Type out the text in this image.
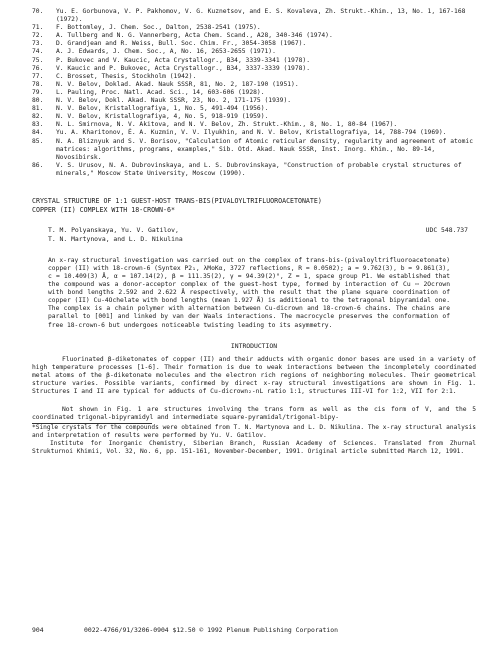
70.	Yu. E. Gorbunova, V. P. Pakhomov, V. G. Kuznetsov, and E. S. Kovaleva, Zh. Strukt.-Khim., 13, No. 1, 167-168 (1972).
71.	F. Bottomley, J. Chem. Soc., Dalton, 2538-2541 (1975).
72.	A. Tullberg and N. G. Vannerberg, Acta Chem. Scand., A28, 340-346 (1974).
73.	D. Grandjean and R. Weiss, Bull. Soc. Chim. Fr., 3054-3058 (1967).
74.	A. J. Edwards, J. Chem. Soc., A, No. 16, 2653-2655 (1971).
75.	P. Bukovec and V. Kaucic, Acta Crystallogr., B34, 3339-3341 (1978).
76.	V. Kaucic and P. Bukovec, Acta Crystallogr., B34, 3337-3339 (1978).
77.	C. Brosset, Thesis, Stockholm (1942).
78.	N. V. Belov, Doklad. Akad. Nauk SSSR, 81, No. 2, 187-190 (1951).
79.	L. Pauling, Proc. Natl. Acad. Sci., 14, 603-606 (1928).
80.	N. V. Belov, Dokl. Akad. Nauk SSSR, 23, No. 2, 171-175 (1939).
81.	N. V. Belov, Kristallografiya, 1, No. 5, 491-494 (1956).
82.	N. V. Belov, Kristallografiya, 4, No. 5, 918-919 (1959).
83.	N. L. Smirnova, N. V. Akitova, and N. V. Belov, Zh. Strukt.-Khim., 8, No. 1, 80-84 (1967).
84.	Yu. A. Kharitonov, É. A. Kuzmin, V. V. Ilyukhin, and N. V. Belov, Kristallografiya, 14, 788-794 (1969).
85.	N. A. Bliznyuk and S. V. Borisov, "Calculation of Atomic reticular density, regularity and agreement of atomic matrices: algorithms, programs, examples," Sib. Otd. Akad. Nauk SSSR, Inst. Inorg. Khim., No. 89-14, Novosibirsk.
86.	V. S. Urusov, N. A. Dubrovinskaya, and L. S. Dubrovinskaya, "Construction of probable crystal structures of minerals," Moscow State University, Moscow (1990).

CRYSTAL STRUCTURE OF 1:1 GUEST-HOST TRANS-BIS(PIVALOYLTRIFLUOROACETONATE)

COPPER (II) COMPLEX WITH 18-CROWN-6*

T. M. Polyanskaya, Yu. V. Gatilov,
T. N. Martynova, and L. D. Nikulina
UDC 548.737

An x-ray structural investigation was carried out on the complex of trans-bis-(pivaloyltrifluoroacetonate) copper (II) with 18-crown-6 (Syntex P2₁, λMoKα, 3727 reflections, R = 0.0502); a = 9.762(3), b = 9.861(3), c = 10.409(3) Å, α = 107.14(2), β = 111.35(2), γ = 94.39(2)°, Z = 1, space group P1. We established that the compound was a donor-acceptor complex of the guest-host type, formed by interaction of Cu ⋯ 2Ocrown with bond lengths 2.592 and 2.622 Å respectively, with the result that the plane square coordination of copper (II) Cu-4Ochelate with bond lengths (mean 1.927 Å) is additional to the tetragonal bipyramidal one. The complex is a chain polymer with alternation between Cu-dicrown and 18-crown-6 chains. The chains are parallel to [001] and linked by van der Waals interactions. The macrocycle preserves the conformation of free 18-crown-6 but undergoes noticeable twisting leading to its asymmetry.

INTRODUCTION

Fluorinated β-diketonates of copper (II) and their adducts with organic donor bases are used in a variety of high temperature processes [1-6]. Their formation is due to weak interactions between the incompletely coordinated metal atoms of the β-diketonate molecules and the electron rich regions of neighboring molecules. Their geometrical structure varies. Possible variants, confirmed by direct x-ray structural investigations are shown in Fig. 1. Structures I and II are typical for adducts of Cu-dicrown₂-nL ratio 1:1, structures III-VI for 1:2, VII for 2:1.

Not shown in Fig. 1 are structures involving the trans form as well as the cis form of V, and the 5 coordinated trigonal-bipyramidyl and intermediate square-pyramidal/trigonal-bipy-

*Single crystals for the compounds were obtained from T. N. Martynova and L. D. Nikulina. The x-ray structural analysis and interpretation of results were performed by Yu. V. Gatilov.

Institute for Inorganic Chemistry, Siberian Branch, Russian Academy of Sciences. Translated from Zhurnal Strukturnoi Khimii, Vol. 32, No. 6, pp. 151-161, November-December, 1991. Original article submitted March 12, 1991.

904	0022-4766/91/3206-0904 $12.50 © 1992 Plenum Publishing Corporation
